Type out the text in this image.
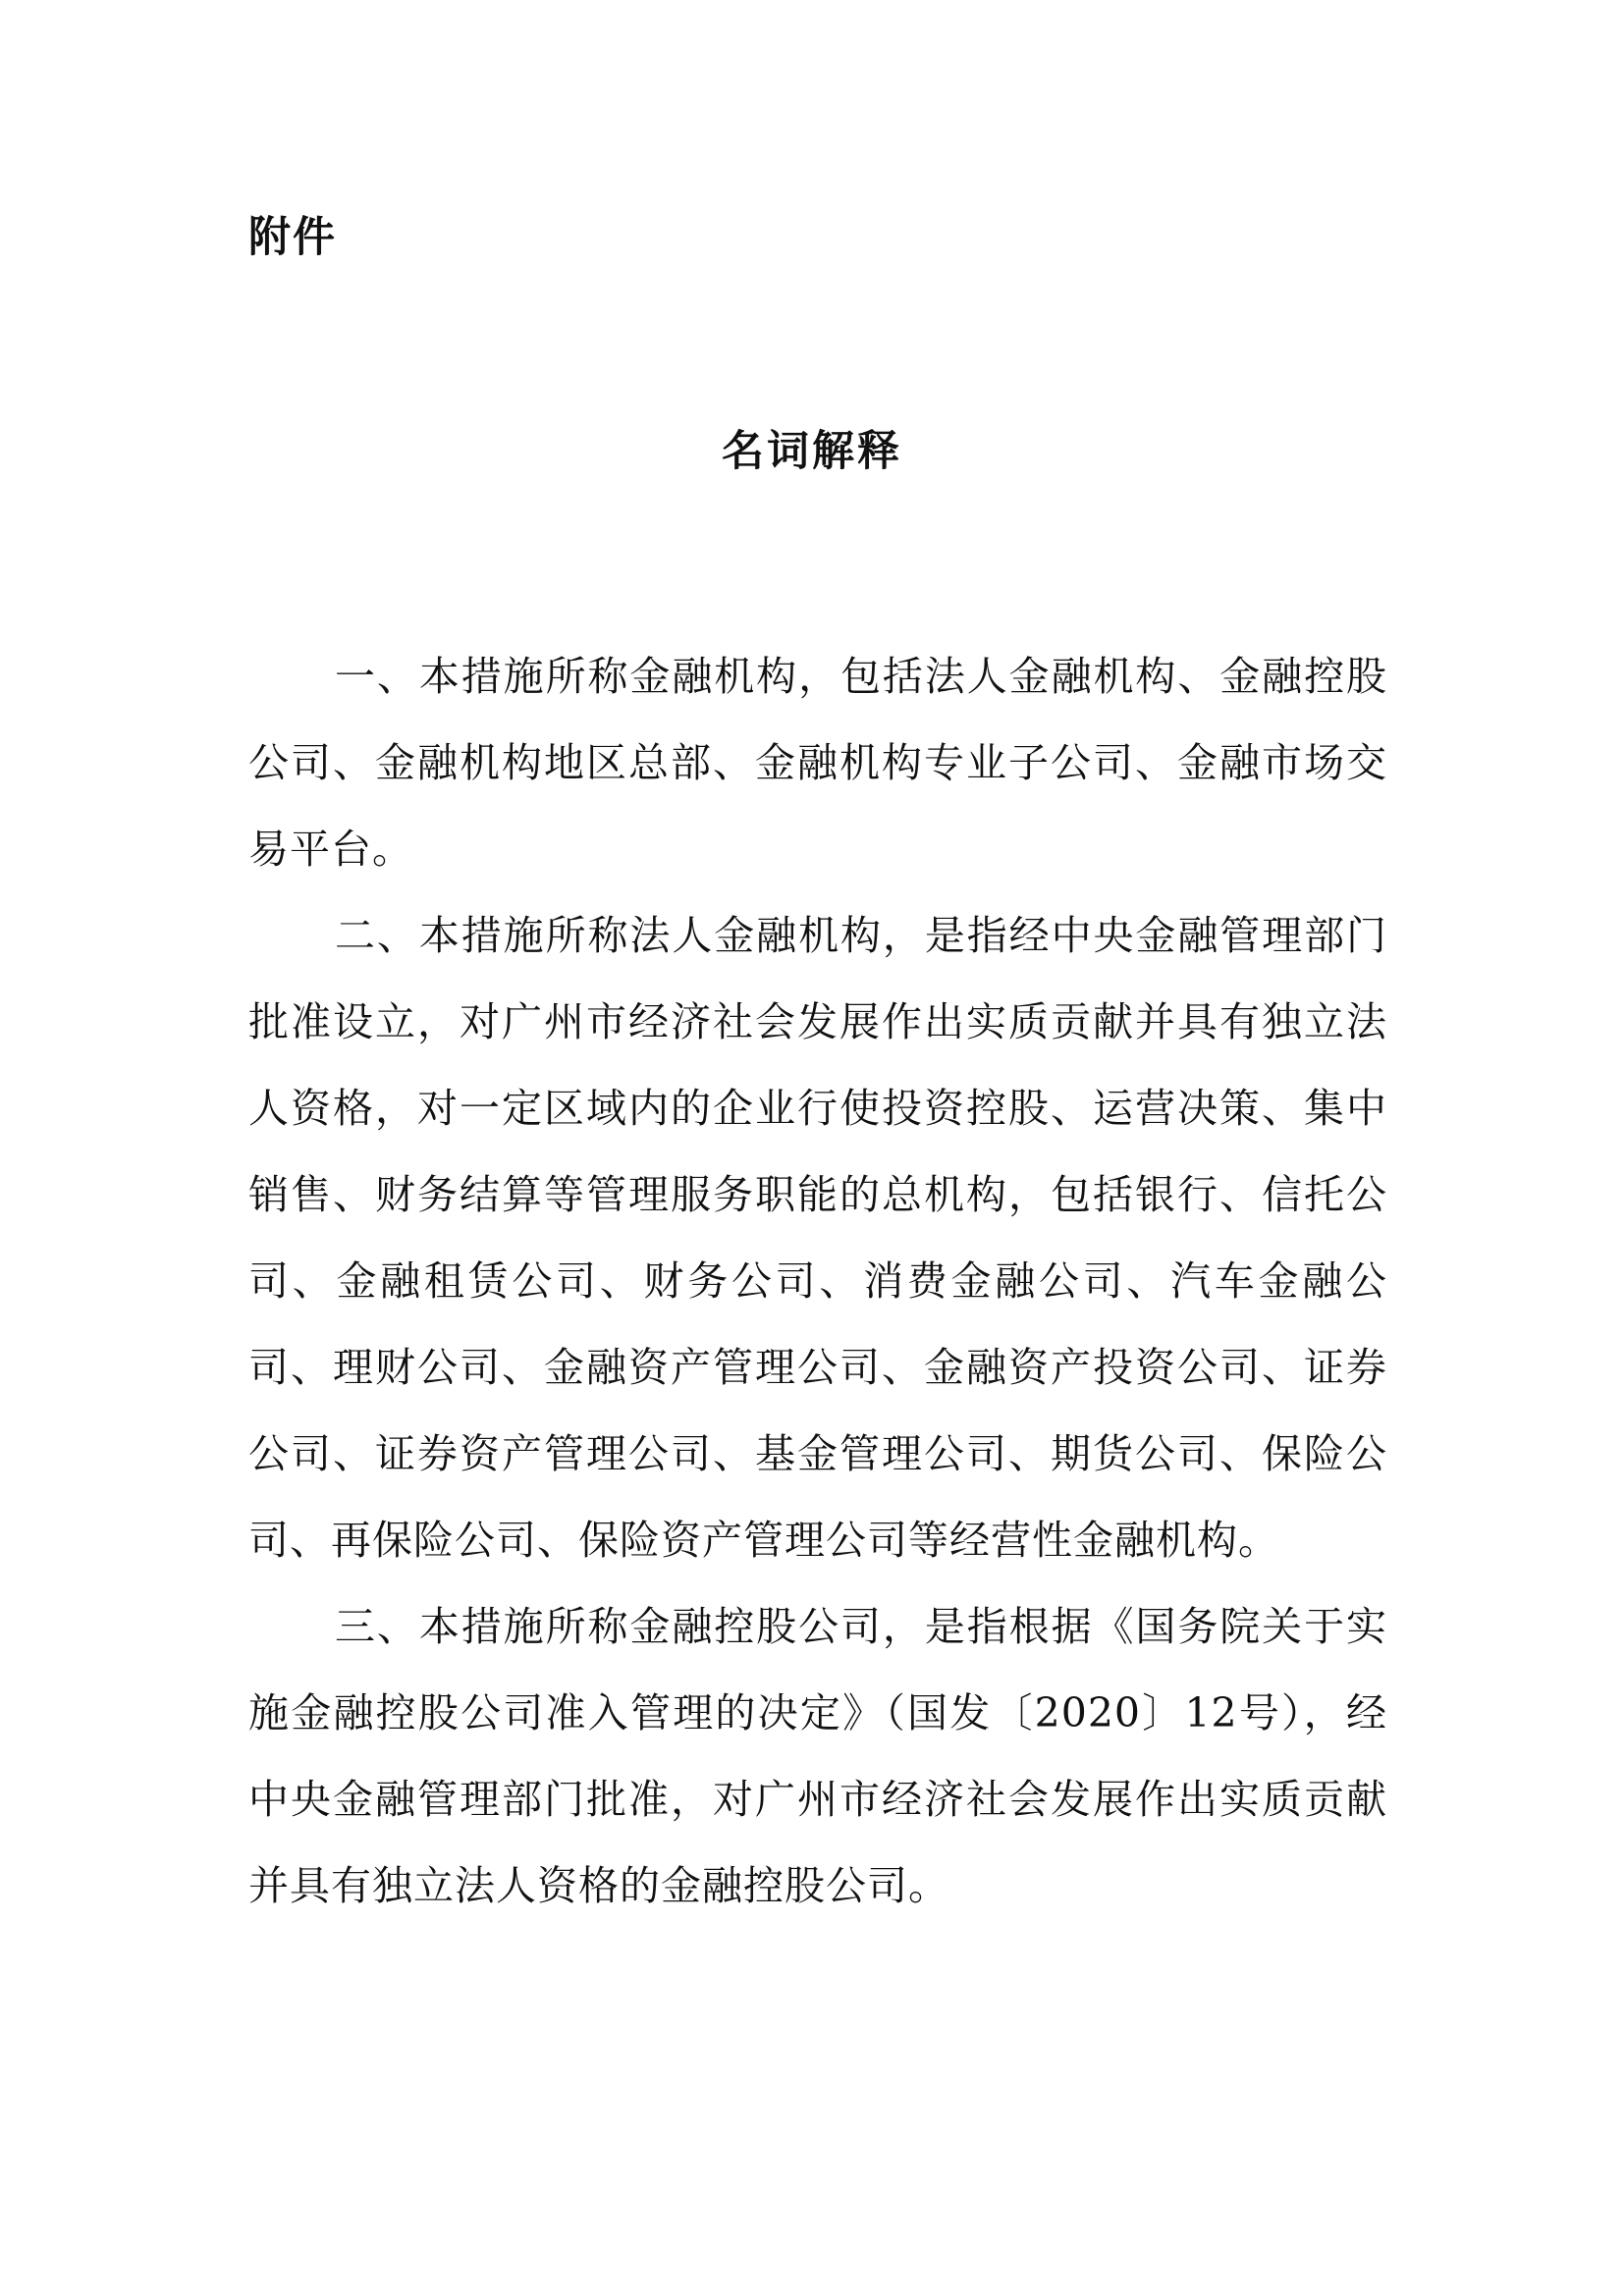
附件
名词解释

一、本措施所称金融机构，包括法人金融机构、金融控股公司、金融机构地区总部、金融机构专业子公司、金融市场交易平台。

二、本措施所称法人金融机构，是指经中央金融管理部门批准设立，对广州市经济社会发展作出实质贡献并具有独立法人资格，对一定区域内的企业行使投资控股、运营决策、集中销售、财务结算等管理服务职能的总机构，包括银行、信托公司、金融租赁公司、财务公司、消费金融公司、汽车金融公司、理财公司、金融资产管理公司、金融资产投资公司、证券公司、证券资产管理公司、基金管理公司、期货公司、保险公司、再保险公司、保险资产管理公司等经营性金融机构。

三、本措施所称金融控股公司，是指根据《国务院关于实施金融控股公司准入管理的决定》（国发〔2020〕12号），经中央金融管理部门批准，对广州市经济社会发展作出实质贡献并具有独立法人资格的金融控股公司。
